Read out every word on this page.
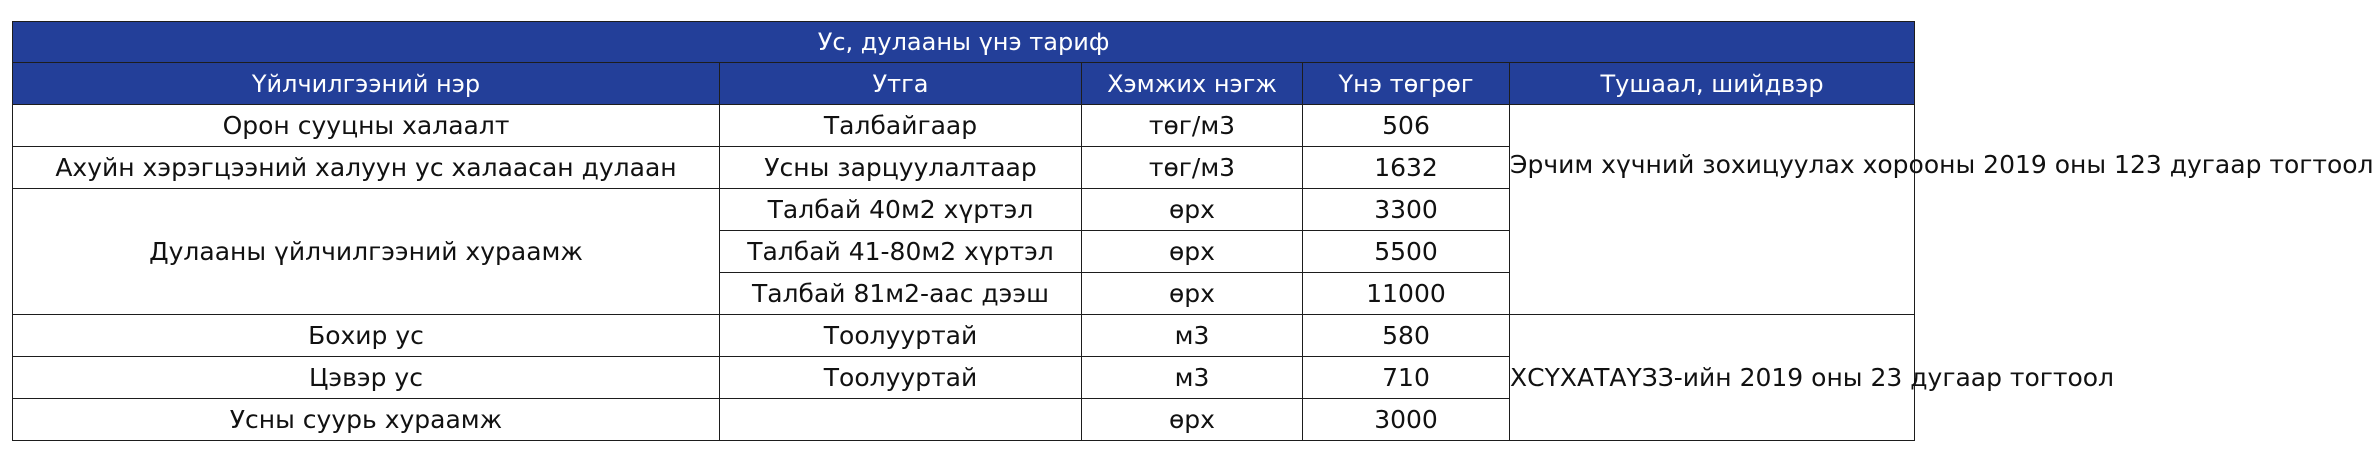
Ус, дулааны үнэ тариф				
Үйлчилгээний нэр	Утга	Хэмжих нэгж	Үнэ төгрөг	Тушаал, шийдвэр
Орон сууцны халаалт	Талбайгаар	төг/м3	506	Эрчим хүчний зохицуулах хорооны 2019 оны 123 дугаар тогтоол
Ахуйн хэрэгцээний халуун ус халаасан дулаан	Усны зарцуулалтаар	төг/м3	1632	
Дулааны үйлчилгээний хураамж	Талбай 40м2 хүртэл	өрх	3300	
	Талбай 41-80м2 хүртэл	өрх	5500	
	Талбай 81м2-аас дээш	өрх	11000	
Бохир ус	Тоолууртай	м3	580	ХСҮХАТАҮЗЗ-ийн 2019 оны 23 дугаар тогтоол
Цэвэр ус	Тоолууртай	м3	710	
Усны суурь хураамж		өрх	3000	
